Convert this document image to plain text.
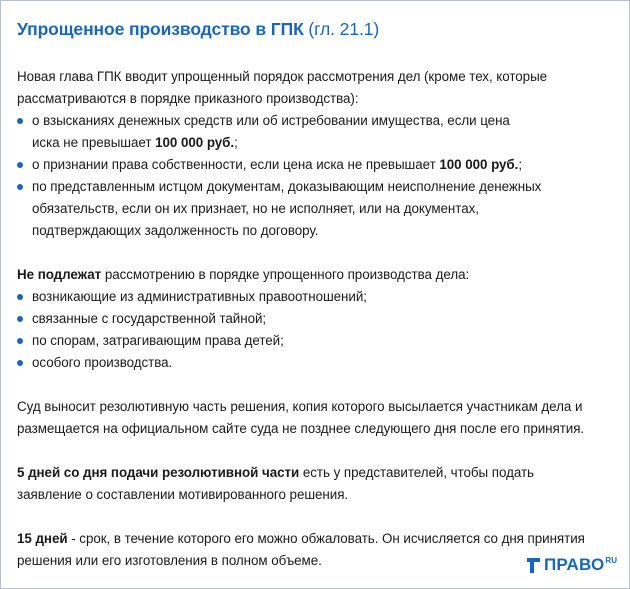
Упрощенное производство в ГПК (гл. 21.1)

Новая глава ГПК вводит упрощенный порядок рассмотрения дел (кроме тех, которые рассматриваются в порядке приказного производства):

о взысканиях денежных средств или об истребовании имущества, если цена иска не превышает 100 000 руб.;
о признании права собственности, если цена иска не превышает 100 000 руб.;
по представленным истцом документам, доказывающим неисполнение денежных обязательств, если он их признает, но не исполняет, или на документах, подтверждающих задолженность по договору.

Не подлежат рассмотрению в порядке упрощенного производства дела:

возникающие из административных правоотношений;
связанные с государственной тайной;
по спорам, затрагивающим права детей;
особого производства.

Суд выносит резолютивную часть решения, копия которого высылается участникам дела и размещается на официальном сайте суда не позднее следующего дня после его принятия.

5 дней со дня подачи резолютивной части есть у представителей, чтобы подать заявление о составлении мотивированного решения.

15 дней - срок, в течение которого его можно обжаловать. Он исчисляется со дня принятия решения или его изготовления в полном объеме.	ПРАВО RU
